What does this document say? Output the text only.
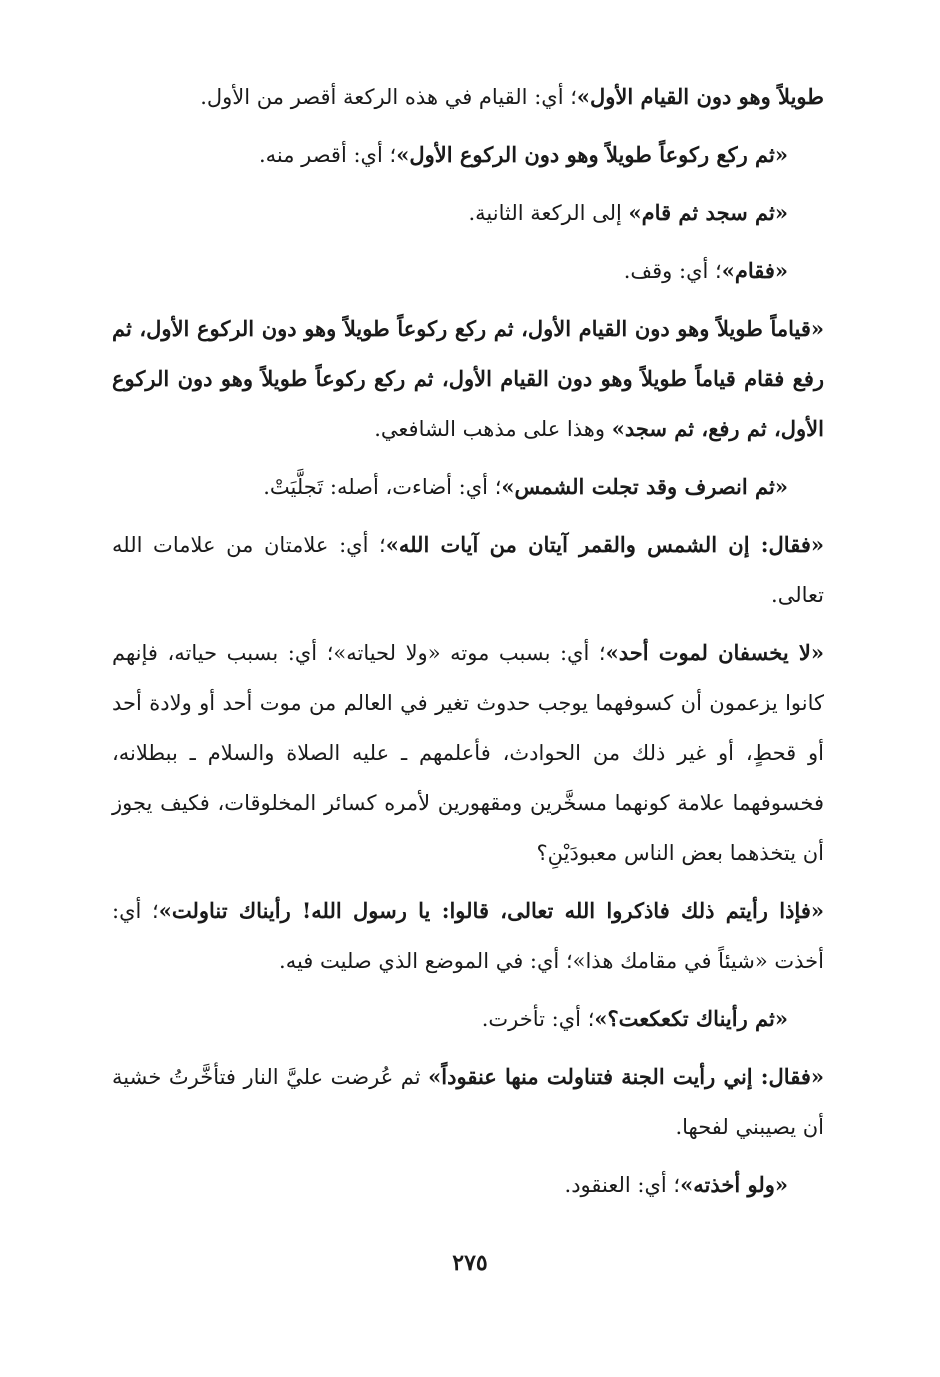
طويلاً وهو دون القيام الأول»؛ أي: القيام في هذه الركعة أقصر من الأول.

«ثم ركع ركوعاً طويلاً وهو دون الركوع الأول»؛ أي: أقصر منه.

«ثم سجد ثم قام» إلى الركعة الثانية.

«فقام»؛ أي: وقف.

«قياماً طويلاً وهو دون القيام الأول، ثم ركع ركوعاً طويلاً وهو دون الركوع الأول، ثم رفع فقام قياماً طويلاً وهو دون القيام الأول، ثم ركع ركوعاً طويلاً وهو دون الركوع الأول، ثم رفع، ثم سجد» وهذا على مذهب الشافعي.

«ثم انصرف وقد تجلت الشمس»؛ أي: أضاءت، أصله: تَجلَّيَتْ.

«فقال: إن الشمس والقمر آيتان من آيات الله»؛ أي: علامتان من علامات الله تعالى.

«لا يخسفان لموت أحد»؛ أي: بسبب موته «ولا لحياته»؛ أي: بسبب حياته، فإنهم كانوا يزعمون أن كسوفهما يوجب حدوث تغير في العالم من موت أحد أو ولادة أحد أو قحطٍ، أو غير ذلك من الحوادث، فأعلمهم ـ عليه الصلاة والسلام ـ ببطلانه، فخسوفهما علامة كونهما مسخَّرين ومقهورين لأمره كسائر المخلوقات، فكيف يجوز أن يتخذهما بعض الناس معبودَيْنِ؟

«فإذا رأيتم ذلك فاذكروا الله تعالى، قالوا: يا رسول الله! رأيناك تناولت»؛ أي: أخذت «شيئاً في مقامك هذا»؛ أي: في الموضع الذي صليت فيه.

«ثم رأيناك تكعكعت؟»؛ أي: تأخرت.

«فقال: إني رأيت الجنة فتناولت منها عنقوداً» ثم عُرضت عليَّ النار فتأخَّرتُ خشية أن يصيبني لفحها.

«ولو أخذته»؛ أي: العنقود.

٢٧٥
